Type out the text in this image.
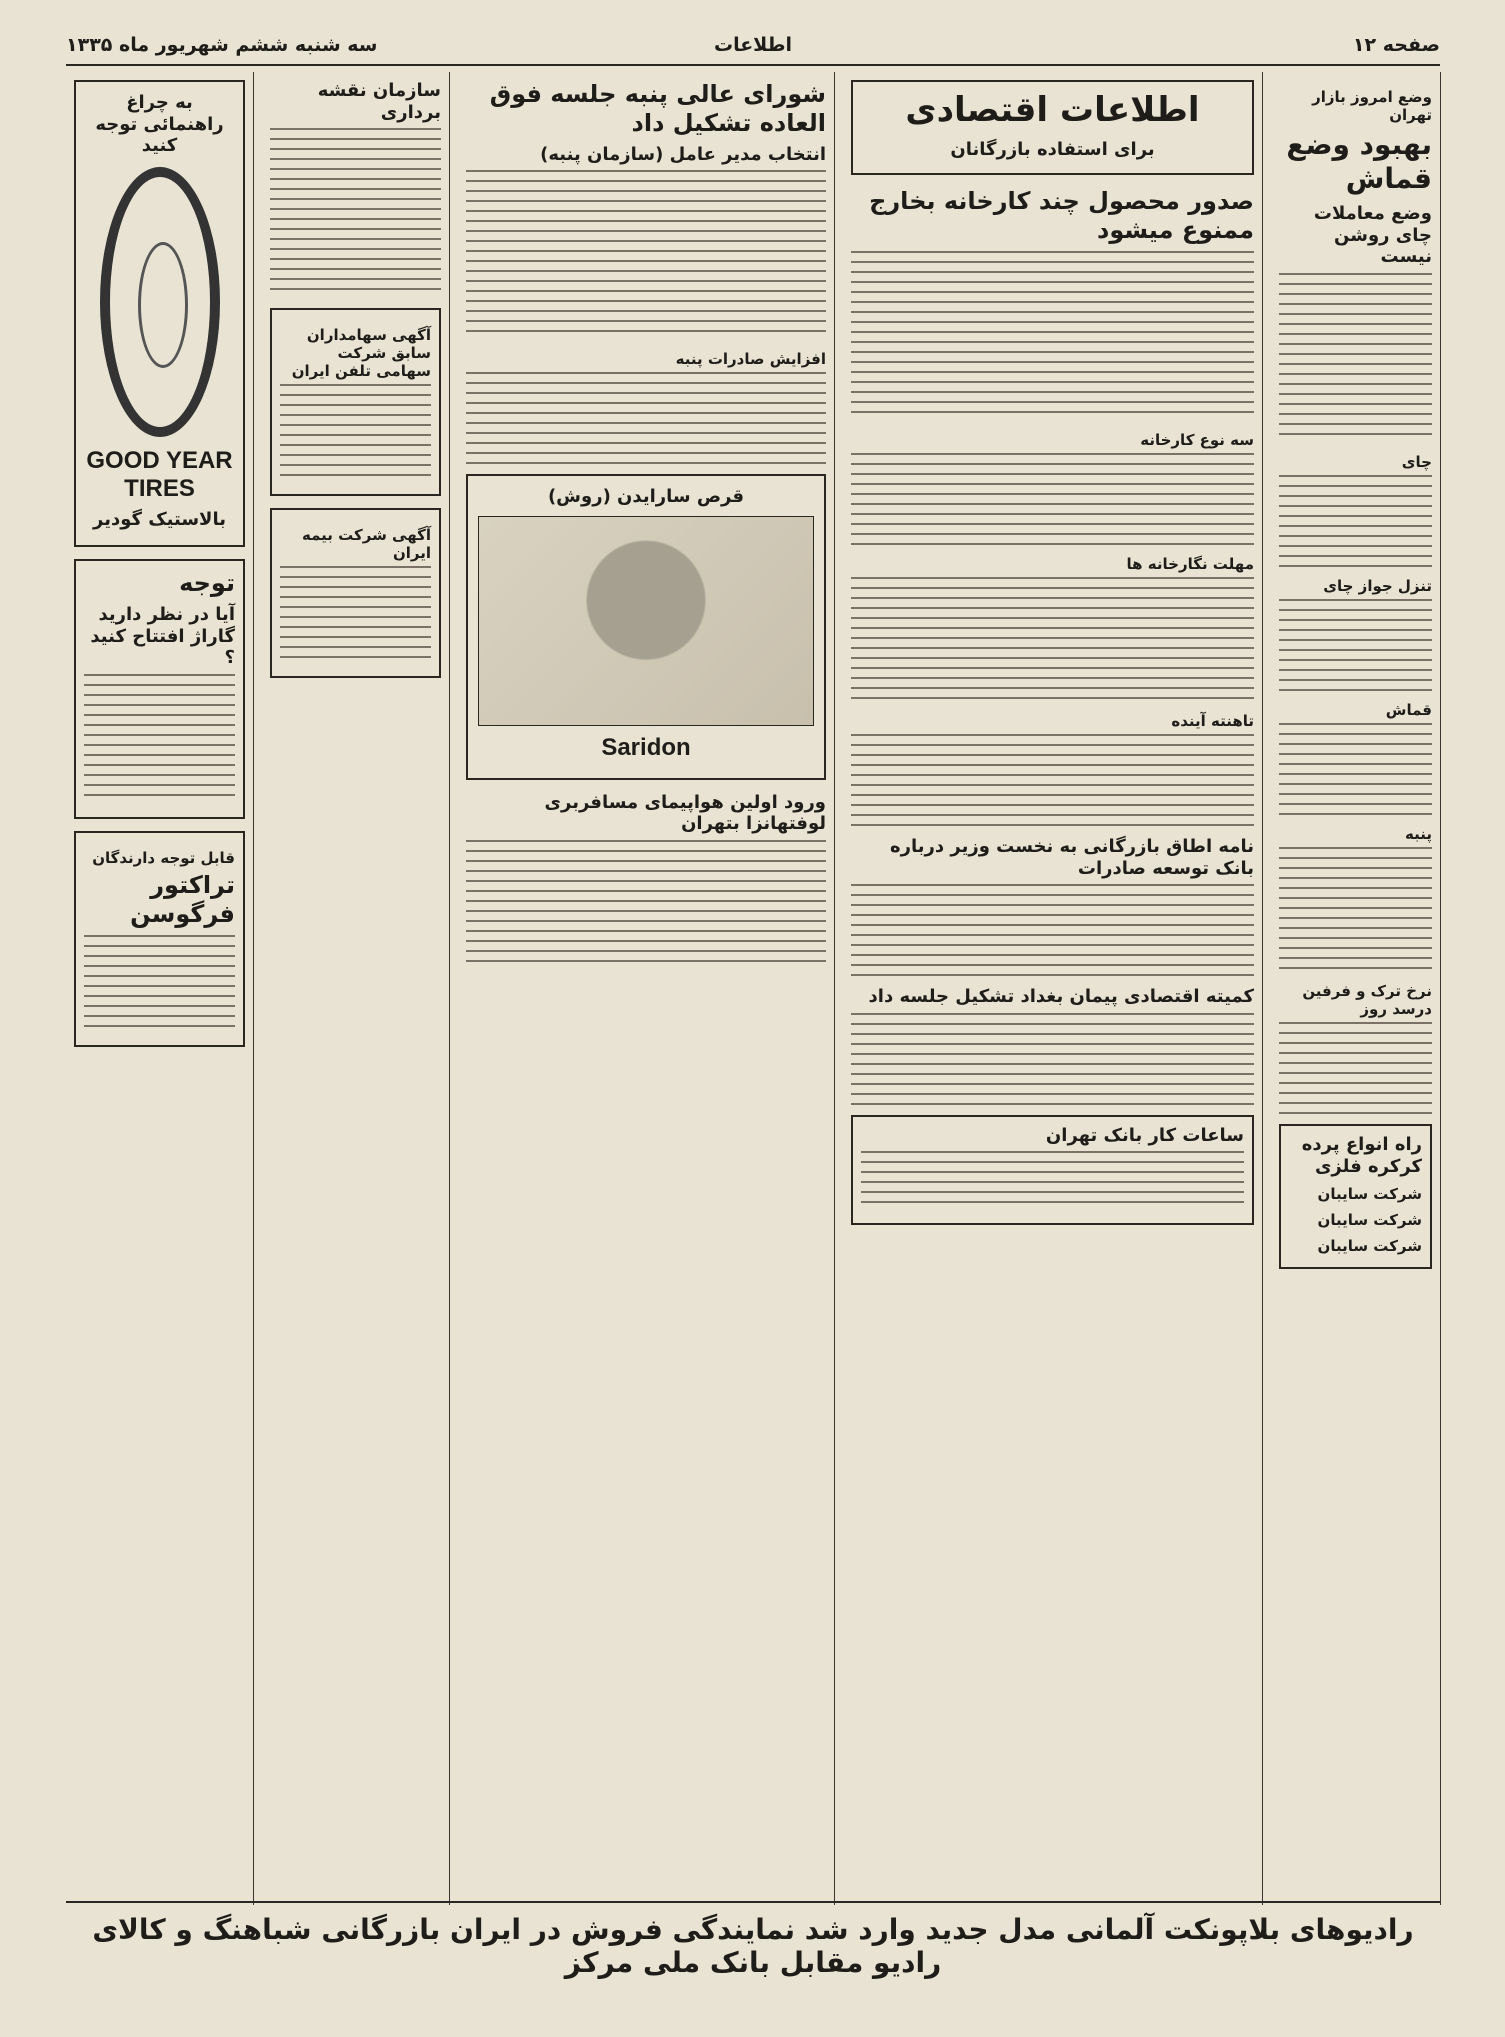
صفحه ۱۲
اطلاعات
سه شنبه ششم شهریور ماه ۱۳۳۵
وضع امروز بازار تهران
بهبود وضع قماش
وضع معاملات چای روشن نیست
چای
تنزل جواز چای
قماش
پنبه
نرخ ترک و فرفین درسد روز
راه انواع پرده کرکره فلزی
شرکت سایبان
شرکت سایبان
شرکت سایبان
اطلاعات اقتصادی
برای استفاده بازرگانان
صدور محصول چند کارخانه بخارج ممنوع میشود
سه نوع کارخانه
مهلت نگارخانه ها
تاهنته آینده
نامه اطاق بازرگانی به نخست وزیر درباره بانک توسعه صادرات
کمیته اقتصادی پیمان بغداد تشکیل جلسه داد
ساعات کار بانک تهران
شورای عالی پنبه جلسه فوق العاده تشکیل داد
انتخاب مدیر عامل (سازمان پنبه)
افزایش صادرات پنبه
قرص سارایدن (روش)
Saridon
ورود اولین هواپیمای مسافربری لوفتهانزا بتهران
سازمان نقشه برداری
آگهی سهامداران سابق شرکت سهامی تلفن ایران
آگهی شرکت بیمه ایران
به چراغ راهنمائی توجه کنید
GOOD YEAR TIRES
بالاستیک گودیر
توجه
آیا در نظر دارید گاراژ افتتاح کنید ؟
قابل توجه دارندگان
تراکتور فرگوسن
رادیوهای بلاپونکت آلمانی مدل جدید وارد شد نمایندگی فروش در ایران بازرگانی شباهنگ و کالای رادیو مقابل بانک ملی مرکز
